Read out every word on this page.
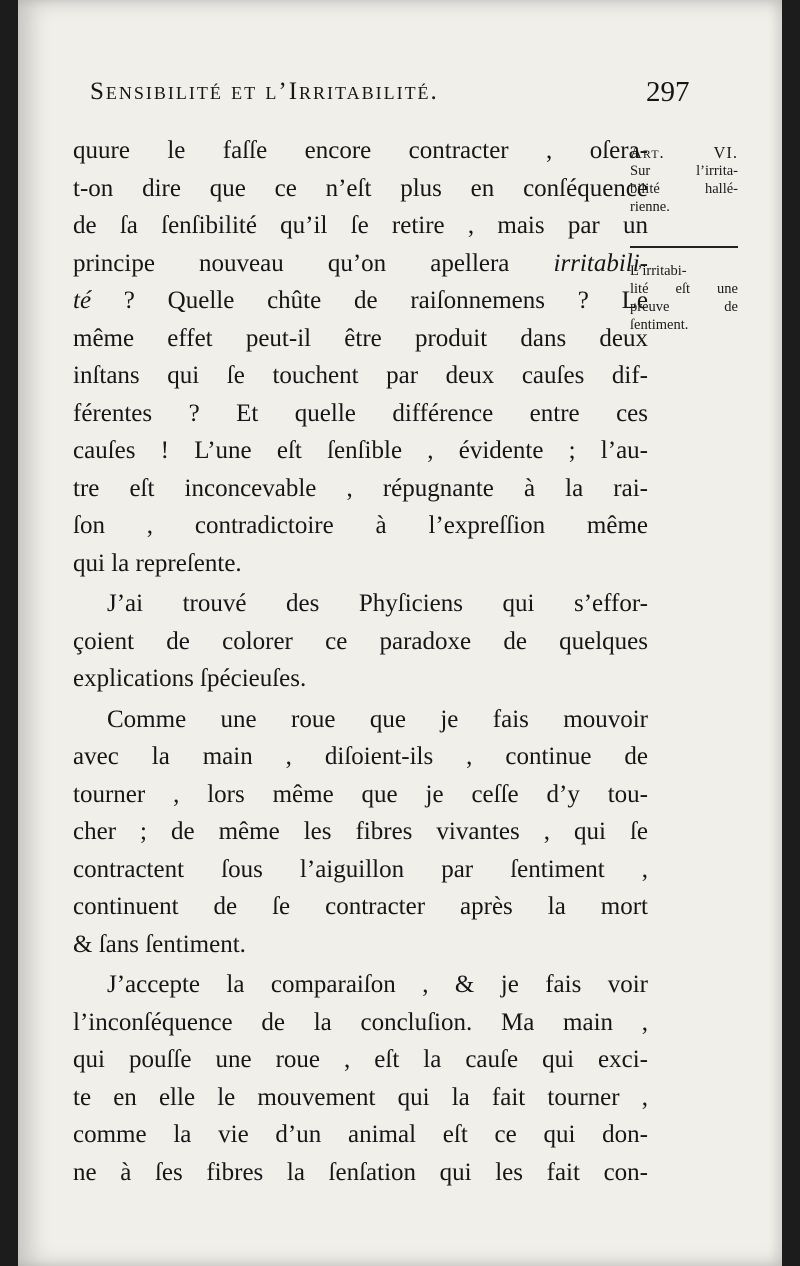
Sensibilité et l’Irritabilité.	297
quure le faſſe encore contracter , oſera-
t-on dire que ce n’eſt plus en conſéquence
de ſa ſenſibilité qu’il ſe retire , mais par un
principe nouveau qu’on apellera irritabili-
té ? Quelle chûte de raiſonnemens ? Le
même effet peut-il être produit dans deux
inſtans qui ſe touchent par deux cauſes dif-
férentes ? Et quelle différence entre ces
cauſes ! L’une eſt ſenſible , évidente ; l’au-
tre eſt inconcevable , répugnante à la rai-
ſon , contradictoire à l’expreſſion même
qui la repreſente.
J’ai trouvé des Phyſiciens qui s’effor-
çoient de colorer ce paradoxe de quelques
explications ſpécieuſes.
Comme une roue que je fais mouvoir
avec la main , diſoient-ils , continue de
tourner , lors même que je ceſſe d’y tou-
cher ; de même les fibres vivantes , qui ſe
contractent ſous l’aiguillon par ſentiment ,
continuent de ſe contracter après la mort
& ſans ſentiment.
J’accepte la comparaiſon , & je fais voir
l’inconſéquence de la concluſion. Ma main ,
qui pouſſe une roue , eſt la cauſe qui exci-
te en elle le mouvement qui la fait tourner ,
comme la vie d’un animal eſt ce qui don-
ne à ſes fibres la ſenſation qui les fait con-
Art. VI.
Sur l’irrita-
bilité hallé-
rienne.
L’irritabi-
lité eſt une
preuve de
ſentiment.
